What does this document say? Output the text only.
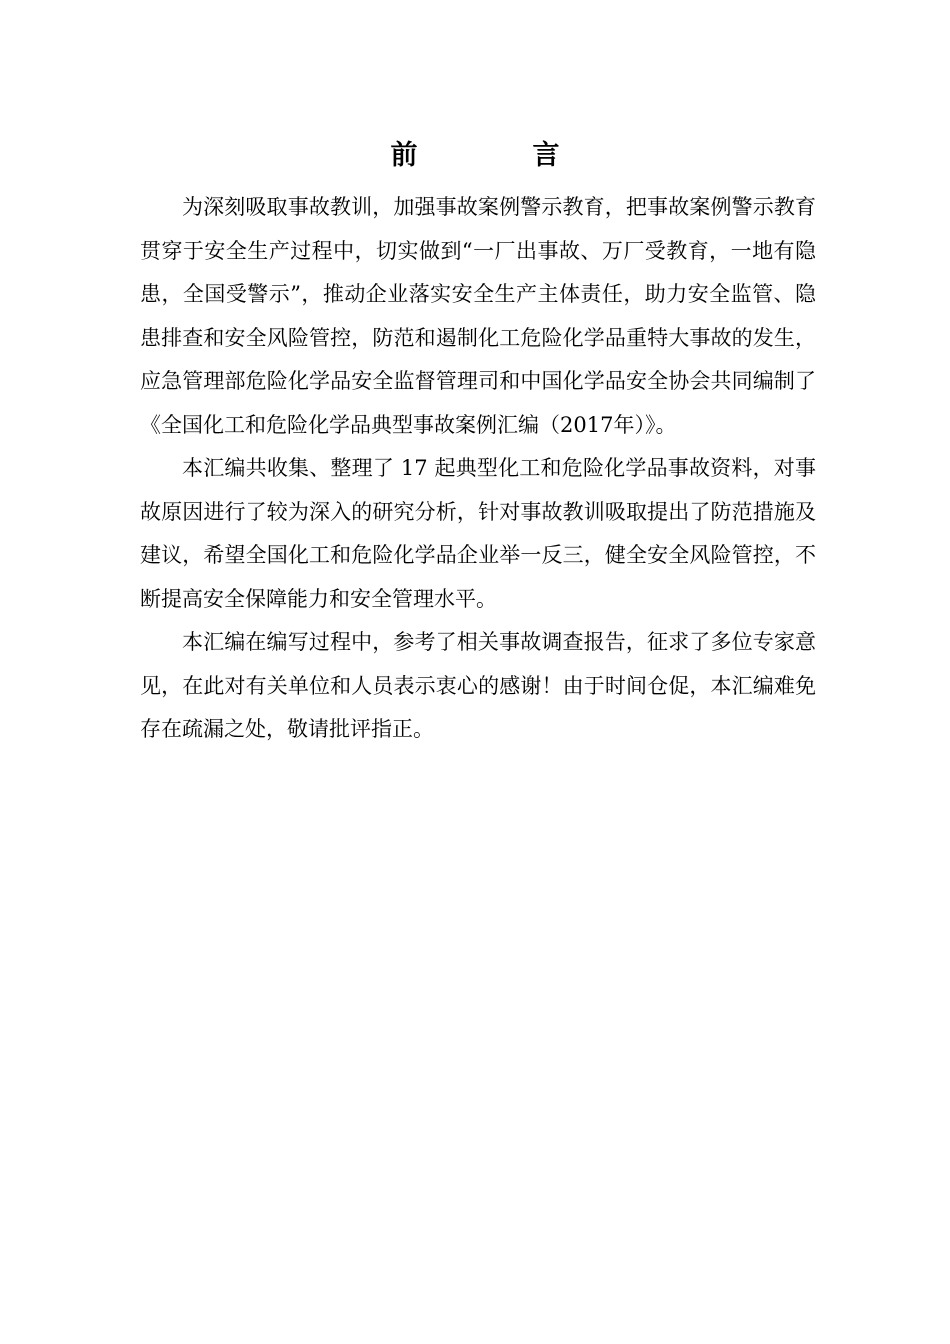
前　言

为深刻吸取事故教训，加强事故案例警示教育，把事故案例警示教育贯穿于安全生产过程中，切实做到“一厂出事故、万厂受教育，一地有隐患，全国受警示”，推动企业落实安全生产主体责任，助力安全监管、隐患排查和安全风险管控，防范和遏制化工危险化学品重特大事故的发生，应急管理部危险化学品安全监督管理司和中国化学品安全协会共同编制了《全国化工和危险化学品典型事故案例汇编（2017年）》。

本汇编共收集、整理了 17 起典型化工和危险化学品事故资料，对事故原因进行了较为深入的研究分析，针对事故教训吸取提出了防范措施及建议，希望全国化工和危险化学品企业举一反三，健全安全风险管控，不断提高安全保障能力和安全管理水平。

本汇编在编写过程中，参考了相关事故调查报告，征求了多位专家意见，在此对有关单位和人员表示衷心的感谢！由于时间仓促，本汇编难免存在疏漏之处，敬请批评指正。
